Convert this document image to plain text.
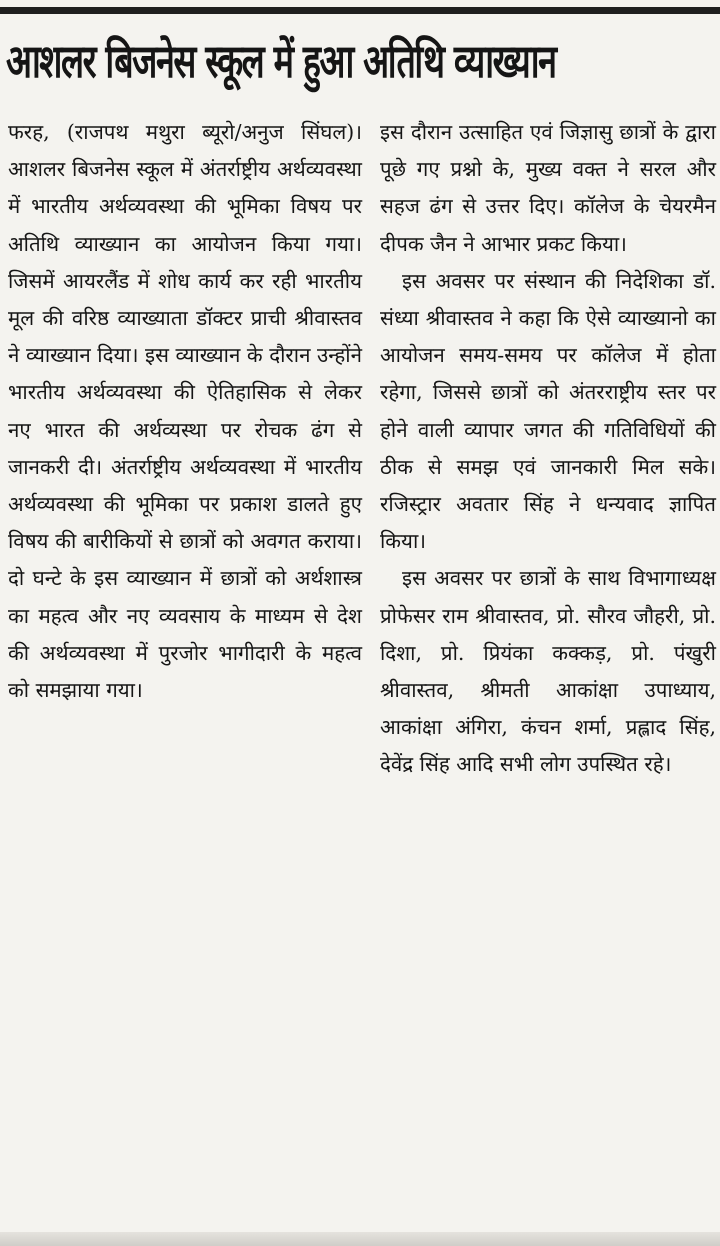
आशलर बिजनेस स्कूल में हुआ अतिथि व्याख्यान

फरह, (राजपथ मथुरा ब्यूरो/अनुज सिंघल)। आशलर बिजनेस स्कूल में अंतर्राष्ट्रीय अर्थव्यवस्था में भारतीय अर्थव्यवस्था की भूमिका विषय पर अतिथि व्याख्यान का आयोजन किया गया। जिसमें आयरलैंड में शोध कार्य कर रही भारतीय मूल की वरिष्ठ व्याख्याता डॉक्टर प्राची श्रीवास्तव ने व्याख्यान दिया। इस व्याख्यान के दौरान उन्होंने भारतीय अर्थव्यवस्था की ऐतिहासिक से लेकर नए भारत की अर्थव्यस्था पर रोचक ढंग से जानकरी दी। अंतर्राष्ट्रीय अर्थव्यवस्था में भारतीय अर्थव्यवस्था की भूमिका पर प्रकाश डालते हुए विषय की बारीकियों से छात्रों को अवगत कराया। दो घन्टे के इस व्याख्यान में छात्रों को अर्थशास्त्र का महत्व और नए व्यवसाय के माध्यम से देश की अर्थव्यवस्था में पुरजोर भागीदारी के महत्व को समझाया गया।

इस दौरान उत्साहित एवं जिज्ञासु छात्रों के द्वारा पूछे गए प्रश्नो के, मुख्य वक्त ने सरल और सहज ढंग से उत्तर दिए। कॉलेज के चेयरमैन दीपक जैन ने आभार प्रकट किया।

इस अवसर पर संस्थान की निदेशिका डॉ. संध्या श्रीवास्तव ने कहा कि ऐसे व्याख्यानो का आयोजन समय-समय पर कॉलेज में होता रहेगा, जिससे छात्रों को अंतरराष्ट्रीय स्तर पर होने वाली व्यापार जगत की गतिविधियों की ठीक से समझ एवं जानकारी मिल सके। रजिस्ट्रार अवतार सिंह ने धन्यवाद ज्ञापित किया।

इस अवसर पर छात्रों के साथ विभागाध्यक्ष प्रोफेसर राम श्रीवास्तव, प्रो. सौरव जौहरी, प्रो. दिशा, प्रो. प्रियंका कक्कड़, प्रो. पंखुरी श्रीवास्तव, श्रीमती आकांक्षा उपाध्याय, आकांक्षा अंगिरा, कंचन शर्मा, प्रह्लाद सिंह, देवेंद्र सिंह आदि सभी लोग उपस्थित रहे।
